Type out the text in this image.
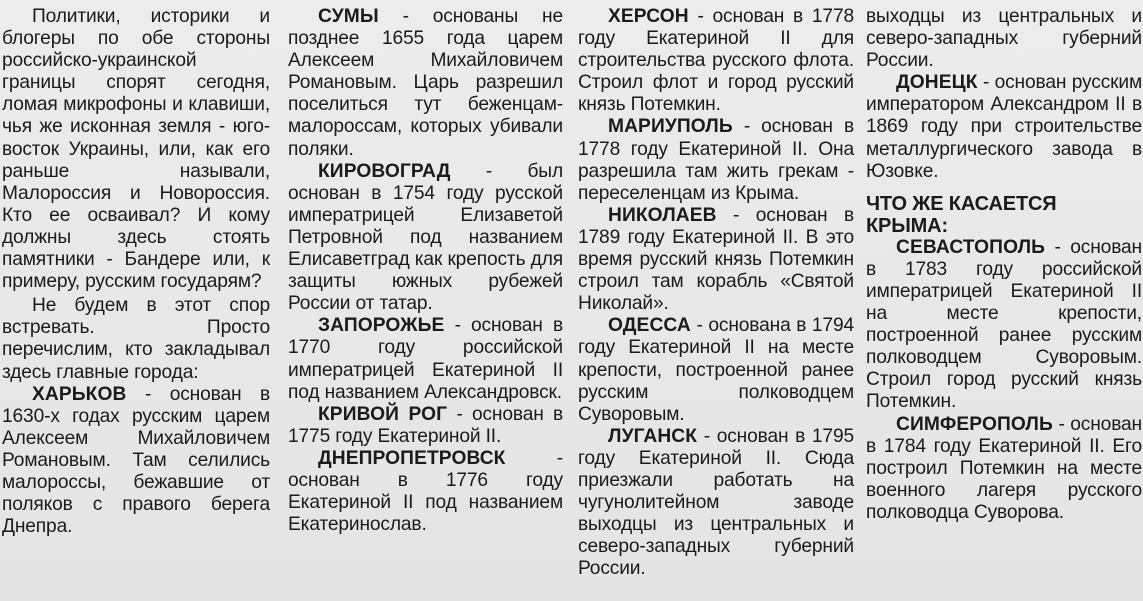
Политики, историки и блогеры по обе стороны российско-украинской границы спорят сегодня, ломая микрофоны и клавиши, чья же исконная земля - юго-восток Украины, или, как его раньше называли, Малороссия и Новороссия. Кто ее осваивал? И кому должны здесь стоять памятники - Бандере или, к примеру, русским государям?

Не будем в этот спор встревать. Просто перечислим, кто закладывал здесь главные города:

ХАРЬКОВ - основан в 1630-х годах русским царем Алексеем Михайловичем Романовым. Там селились малороссы, бежавшие от поляков с правого берега Днепра.

СУМЫ - основаны не позднее 1655 года царем Алексеем Михайловичем Романовым. Царь разрешил поселиться тут беженцам-малороссам, которых убивали поляки.

КИРОВОГРАД - был основан в 1754 году русской императрицей Елизаветой Петровной под названием Елисаветград как крепость для защиты южных рубежей России от татар.

ЗАПОРОЖЬЕ - основан в 1770 году российской императрицей Екатериной II под названием Александровск.

КРИВОЙ РОГ - основан в 1775 году Екатериной II.

ДНЕПРОПЕТРОВСК - основан в 1776 году Екатериной II под названием Екатеринослав.

ХЕРСОН - основан в 1778 году Екатериной II для строительства русского флота. Строил флот и город русский князь Потемкин.

МАРИУПОЛЬ - основан в 1778 году Екатериной II. Она разрешила там жить грекам - переселенцам из Крыма.

НИКОЛАЕВ - основан в 1789 году Екатериной II. В это время русский князь Потемкин строил там корабль «Святой Николай».

ОДЕССА - основана в 1794 году Екатериной II на месте крепости, построенной ранее русским полководцем Суворовым.

ЛУГАНСК - основан в 1795 году Екатериной II. Сюда приезжали работать на чугунолитейном заводе выходцы из центральных и северо-западных губерний России.

выходцы из центральных и северо-западных губерний России.

ДОНЕЦК - основан русским императором Александром II в 1869 году при строительстве металлургического завода в Юзовке.

ЧТО ЖЕ КАСАЕТСЯ КРЫМА:

СЕВАСТОПОЛЬ - основан в 1783 году российской императрицей Екатериной II на месте крепости, построенной ранее русским полководцем Суворовым. Строил город русский князь Потемкин.

СИМФЕРОПОЛЬ - основан в 1784 году Екатериной II. Его построил Потемкин на месте военного лагеря русского полководца Суворова.
